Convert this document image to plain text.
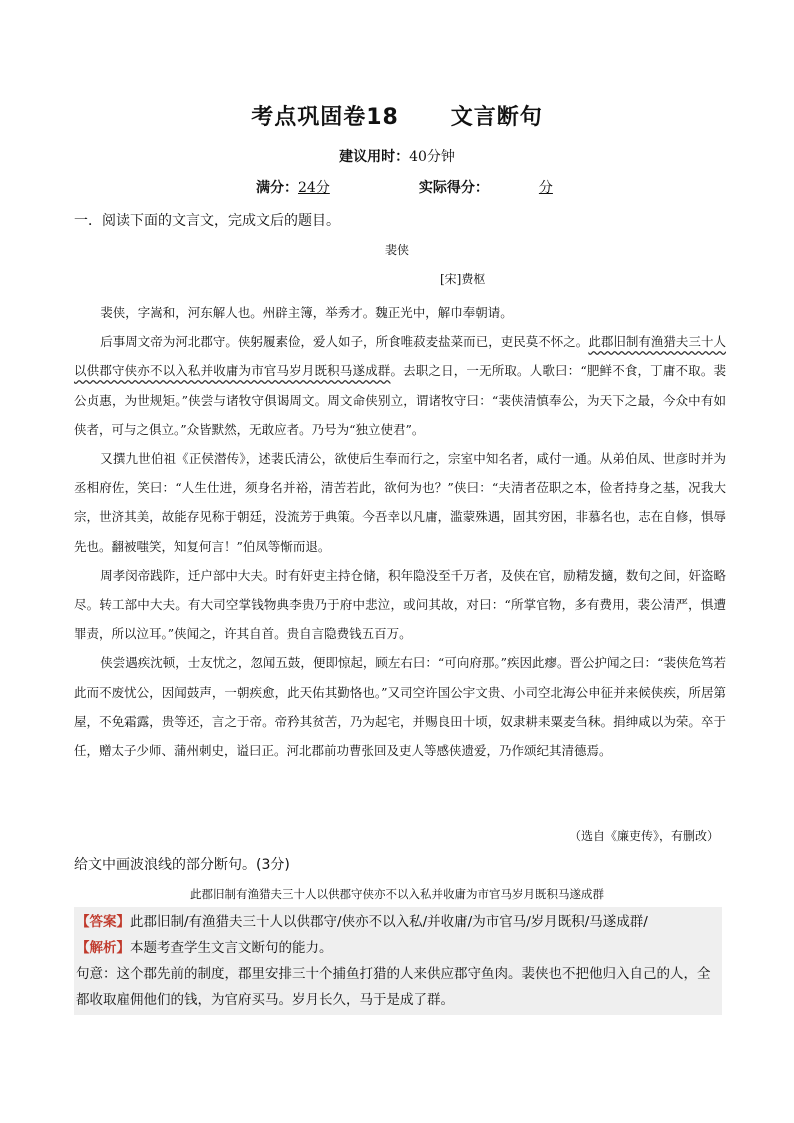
考点巩固卷18      文言断句
建议用时：40分钟
满分：24分	实际得分：	分
一．阅读下面的文言文，完成文后的题目。
裴侠
[宋]费枢

裴侠，字嵩和，河东解人也。州辟主簿，举秀才。魏正光中，解巾奉朝请。

后事周文帝为河北郡守。侠躬履素俭，爱人如子，所食唯菽麦盐菜而已，吏民莫不怀之。此郡旧制有渔猎夫三十人以供郡守侠亦不以入私并收庸为市官马岁月既积马遂成群。去职之日，一无所取。人歌曰：“肥鲜不食，丁庸不取。裴公贞惠，为世规矩。”侠尝与诸牧守俱谒周文。周文命侠别立，谓诸牧守曰：“裴侠清慎奉公，为天下之最，今众中有如侠者，可与之俱立。”众皆默然，无敢应者。乃号为“独立使君”。

又撰九世伯祖《正侯潜传》，述裴氏清公，欲使后生奉而行之，宗室中知名者，咸付一通。从弟伯凤、世彦时并为丞相府佐，笑曰：“人生仕进，须身名并裕，清苦若此，欲何为也？”侠曰：“夫清者莅职之本，俭者持身之基，况我大宗，世济其美，故能存见称于朝廷，没流芳于典策。今吾幸以凡庸，滥蒙殊遇，固其穷困，非慕名也，志在自修，惧辱先也。翻被嗤笑，知复何言！”伯凤等惭而退。

周孝闵帝践阼，迁户部中大夫。时有奸吏主持仓储，积年隐没至千万者，及侠在官，励精发擿，数旬之间，奸盗略尽。转工部中大夫。有大司空掌钱物典李贵乃于府中悲泣，或问其故，对曰：“所掌官物，多有费用，裴公清严，惧遭罪责，所以泣耳。”侠闻之，许其自首。贵自言隐费钱五百万。

侠尝遇疾沈顿，士友忧之，忽闻五鼓，便即惊起，顾左右曰：“可向府那。”疾因此瘳。晋公护闻之曰：“裴侠危笃若此而不废忧公，因闻鼓声，一朝疾愈，此天佑其勤恪也。”又司空许国公宇文贵、小司空北海公申征并来候侠疾，所居第屋，不免霜露，贵等还，言之于帝。帝矜其贫苦，乃为起宅，并赐良田十顷，奴隶耕耒粟麦刍秣。捐绅咸以为荣。卒于任，赠太子少师、蒲州刺史，谥曰正。河北郡前功曹张回及吏人等感侠遗爱，乃作颂纪其清德焉。

（选自《廉吏传》，有删改）
给文中画波浪线的部分断句。(3分)
此郡旧制有渔猎夫三十人以供郡守侠亦不以入私并收庸为市官马岁月既积马遂成群
【答案】此郡旧制/有渔猎夫三十人以供郡守/侠亦不以入私/并收庸/为市官马/岁月既积/马遂成群/
【解析】本题考查学生文言文断句的能力。
句意：这个郡先前的制度，郡里安排三十个捕鱼打猎的人来供应郡守鱼肉。裴侠也不把他归入自己的人，全都收取雇佣他们的钱，为官府买马。岁月长久，马于是成了群。
